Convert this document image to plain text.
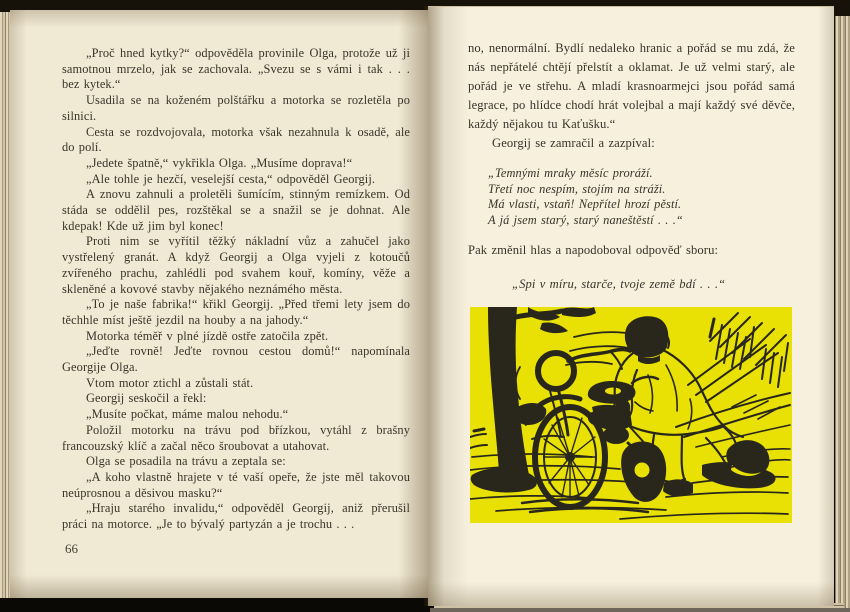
„Proč hned kytky?“ odpověděla provinile Olga, protože už ji samotnou mrzelo, jak se zachovala. „Svezu se s vámi i tak . . . bez kytek.“

Usadila se na koženém polštářku a motorka se rozletěla po silnici.

Cesta se rozdvojovala, motorka však nezahnula k osadě, ale do polí.

„Jedete špatně,“ vykřikla Olga. „Musíme doprava!“

„Ale tohle je hezčí, veselejší cesta,“ odpověděl Georgij.

A znovu zahnuli a proletěli šumícím, stinným remízkem. Od stáda se oddělil pes, rozštěkal se a snažil se je dohnat. Ale kdepak! Kde už jim byl konec!

Proti nim se vyřítil těžký nákladní vůz a zahučel jako vystřelený granát. A když Georgij a Olga vyjeli z kotoučů zvířeného prachu, zahlédli pod svahem kouř, komíny, věže a skleněné a kovové stavby nějakého neznámého města.

„To je naše fabrika!“ křikl Georgij. „Před třemi lety jsem do těchhle míst ještě jezdil na houby a na jahody.“

Motorka téměř v plné jízdě ostře zatočila zpět.

„Jeďte rovně! Jeďte rovnou cestou domů!“ napomínala Georgije Olga.

Vtom motor ztichl a zůstali stát.

Georgij seskočil a řekl:

„Musíte počkat, máme malou nehodu.“

Položil motorku na trávu pod břízkou, vytáhl z brašny francouzský klíč a začal něco šroubovat a utahovat.

Olga se posadila na trávu a zeptala se:

„A koho vlastně hrajete v té vaší opeře, že jste měl takovou neúprosnou a děsivou masku?“

„Hraju starého invalidu,“ odpověděl Georgij, aniž přerušil práci na motorce. „Je to bývalý partyzán a je trochu . . .

66

no, nenormální. Bydlí nedaleko hranic a pořád se mu zdá, že nás nepřátelé chtějí přelstít a oklamat. Je už velmi starý, ale pořád je ve střehu. A mladí krasnoarmejci jsou pořád samá legrace, po hlídce chodí hrát volejbal a mají každý své děvče, každý nějakou tu Kaťušku.“

Georgij se zamračil a zazpíval:

„Temnými mraky měsíc proráží.
Třetí noc nespím, stojím na stráži.
Má vlasti, vstaň! Nepřítel hrozí pěstí.
A já jsem starý, starý naneštěstí . . .“

Pak změnil hlas a napodoboval odpověď sboru:

„Spi v míru, starče, tvoje země bdí . . .“
